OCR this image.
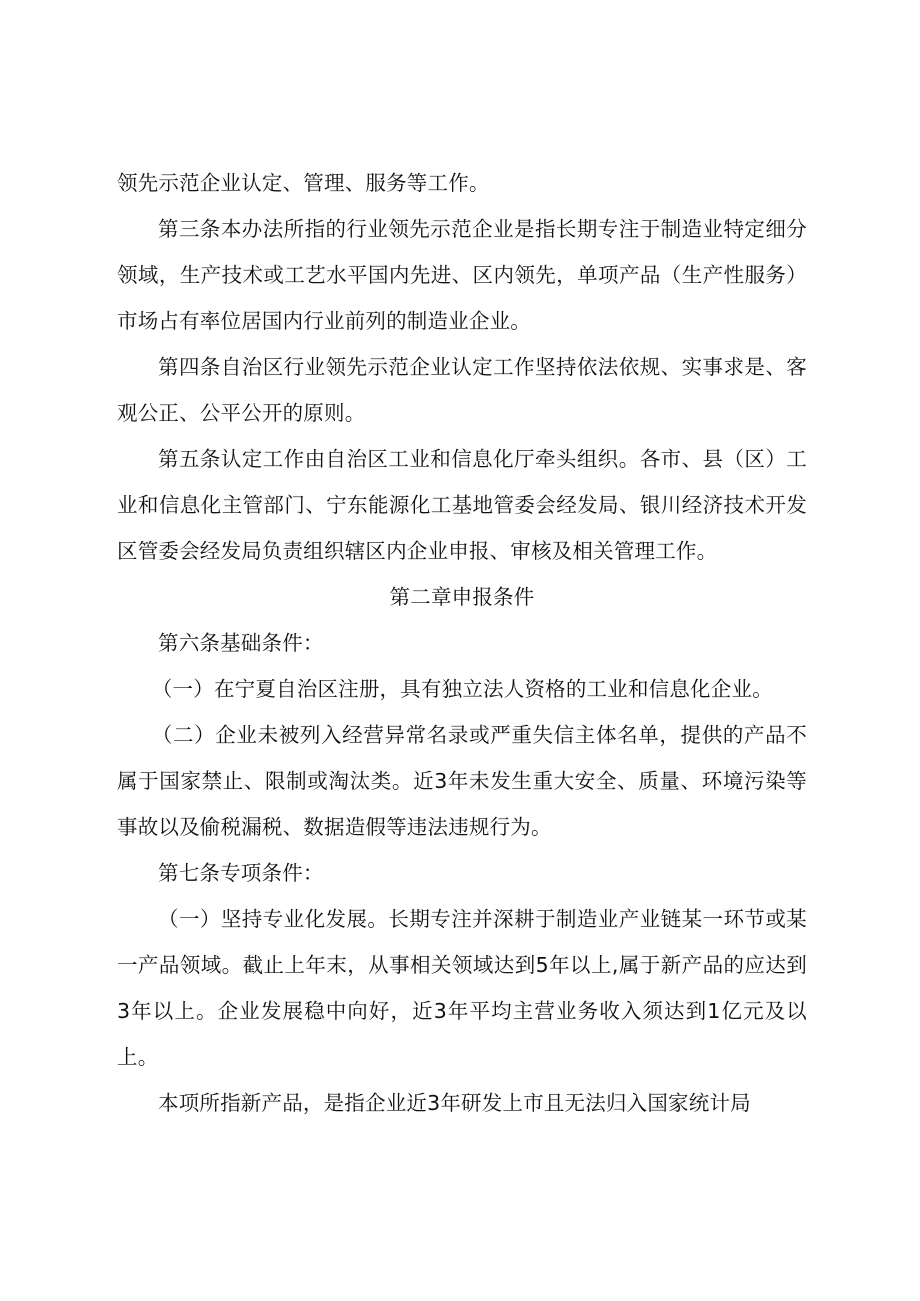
领先示范企业认定、管理、服务等工作。

第三条本办法所指的行业领先示范企业是指长期专注于制造业特定细分领域，生产技术或工艺水平国内先进、区内领先，单项产品（生产性服务）市场占有率位居国内行业前列的制造业企业。

第四条自治区行业领先示范企业认定工作坚持依法依规、实事求是、客观公正、公平公开的原则。

第五条认定工作由自治区工业和信息化厅牵头组织。各市、县（区）工业和信息化主管部门、宁东能源化工基地管委会经发局、银川经济技术开发区管委会经发局负责组织辖区内企业申报、审核及相关管理工作。

第二章申报条件

第六条基础条件：

（一）在宁夏自治区注册，具有独立法人资格的工业和信息化企业。

（二）企业未被列入经营异常名录或严重失信主体名单，提供的产品不属于国家禁止、限制或淘汰类。近3年未发生重大安全、质量、环境污染等事故以及偷税漏税、数据造假等违法违规行为。

第七条专项条件：

（一）坚持专业化发展。长期专注并深耕于制造业产业链某一环节或某一产品领域。截止上年末，从事相关领域达到5年以上,属于新产品的应达到3年以上。企业发展稳中向好，近3年平均主营业务收入须达到1亿元及以上。

本项所指新产品，是指企业近3年研发上市且无法归入国家统计局
